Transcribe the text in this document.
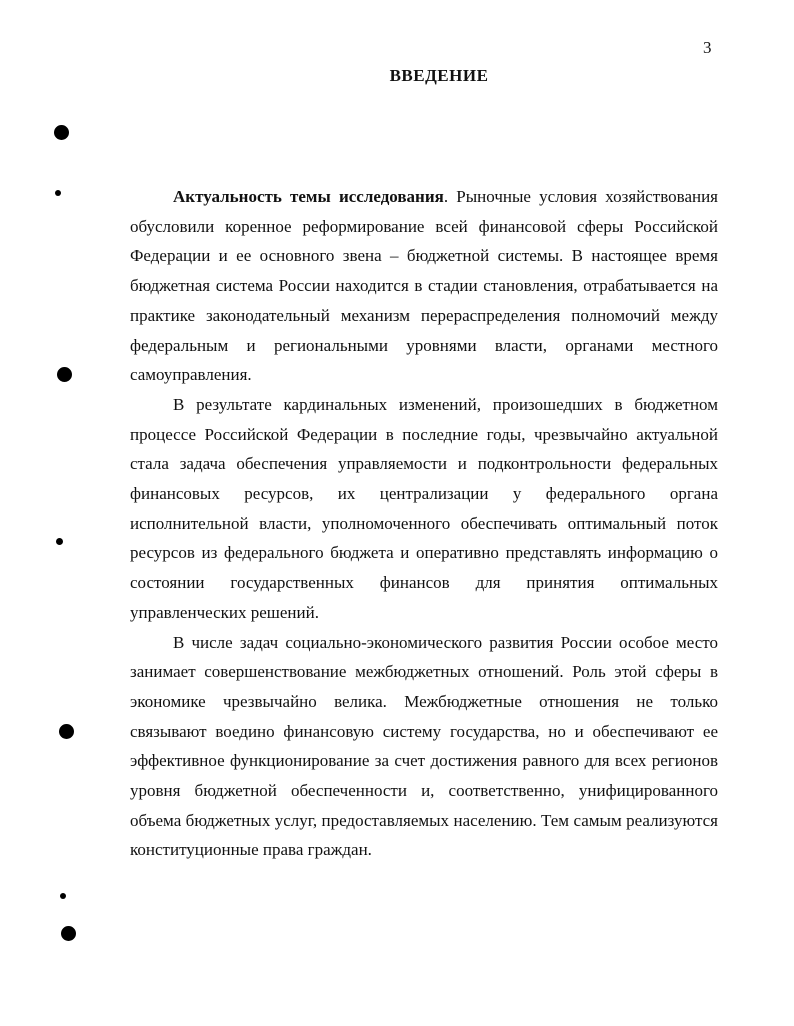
3
ВВЕДЕНИЕ

Актуальность темы исследования. Рыночные условия хозяйствования обусловили коренное реформирование всей финансовой сферы Российской Федерации и ее основного звена – бюджетной системы. В настоящее время бюджетная система России находится в стадии становления, отрабатывается на практике законодательный механизм перераспределения полномочий между федеральным и региональными уровнями власти, органами местного самоуправления.

В результате кардинальных изменений, произошедших в бюджетном процессе Российской Федерации в последние годы, чрезвычайно актуальной стала задача обеспечения управляемости и подконтрольности федеральных финансовых ресурсов, их централизации у федерального органа исполнительной власти, уполномоченного обеспечивать оптимальный поток ресурсов из федерального бюджета и оперативно представлять информацию о состоянии государственных финансов для принятия оптимальных управленческих решений.

В числе задач социально-экономического развития России особое место занимает совершенствование межбюджетных отношений. Роль этой сферы в экономике чрезвычайно велика. Межбюджетные отношения не только связывают воедино финансовую систему государства, но и обеспечивают ее эффективное функционирование за счет достижения равного для всех регионов уровня бюджетной обеспеченности и, соответственно, унифицированного объема бюджетных услуг, предоставляемых населению. Тем самым реализуются конституционные права граждан.
